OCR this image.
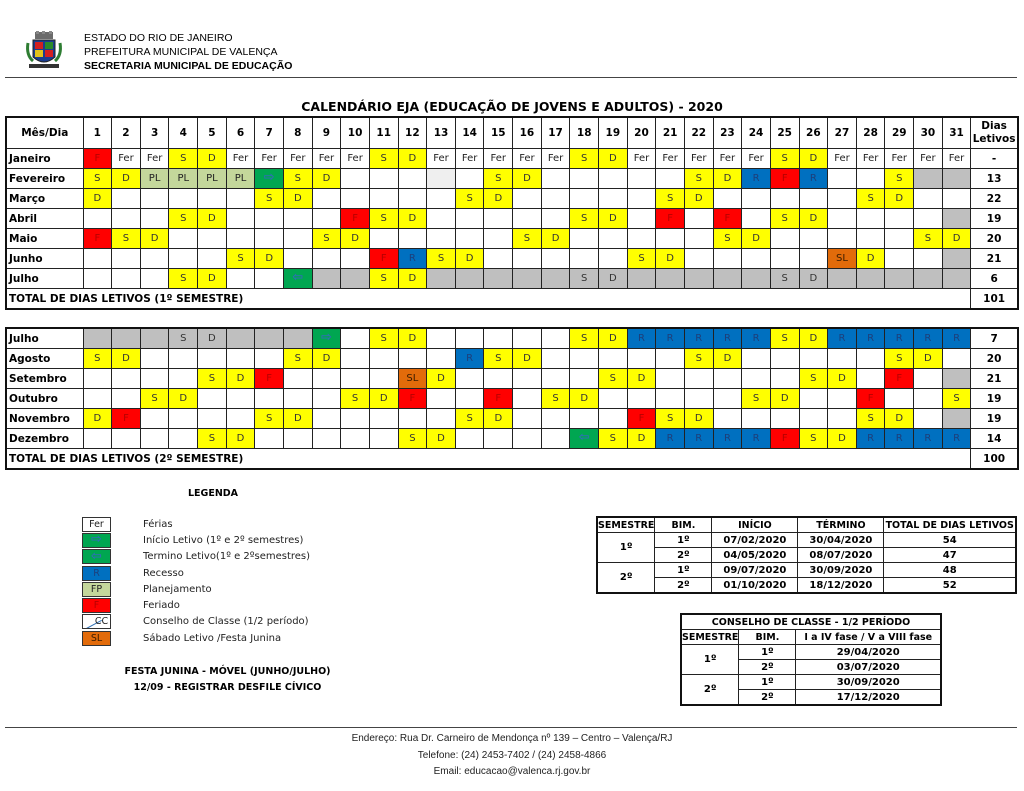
ESTADO DO RIO DE JANEIRO
PREFEITURA MUNICIPAL DE VALENÇA
SECRETARIA MUNICIPAL DE EDUCAÇÃO
CALENDÁRIO EJA (EDUCAÇÃO DE JOVENS E ADULTOS) - 2020
Mês/Dia	1	2	3	4	5	6	7	8	9	10	11	12	13	14	15	16	17	18	19	20	21	22	23	24	25	26	27	28	29	30	31	Dias
Letivos

Janeiro	F	Fer	Fer	S	D	Fer	Fer	Fer	Fer	Fer	S	D	Fer	Fer	Fer	Fer	Fer	S	D	Fer	Fer	Fer	Fer	Fer	S	D	Fer	Fer	Fer	Fer	Fer	-
Fevereiro	S	D	PL	PL	PL	PL	⇨	S	D						S	D						S	D	R	F	R			S			13
Março	D						S	D						S	D						S	D						S	D			22
Abril				S	D					F	S	D						S	D		F		F		S	D						19
Maio	F	S	D						S	D						S	D						S	D						S	D	20
Junho						S	D				F	R	S	D						S	D						SL	D				21
Julho				S	D			⇦			S	D						S	D						S	D						6
TOTAL DE DIAS LETIVOS (1º SEMESTRE)																																101
Julho				S	D				⇨		S	D						S	D	R	R	R	R	R	S	D	R	R	R	R	R	7
Agosto	S	D						S	D					R	S	D						S	D						S	D		20
Setembro					S	D	F					SL	D						S	D						S	D		F			21
Outubro			S	D						S	D	F			F		S	D						S	D			F			S	19
Novembro	D	F					S	D						S	D					F	S	D						S	D			19
Dezembro					S	D						S	D					⇦	S	D	R	R	R	R	F	S	D	R	R	R	R	14
TOTAL DE DIAS LETIVOS (2º SEMESTRE)																																100
LEGENDA
Fer	Férias
⇨	Início Letivo (1º e 2º semestres)
⇦	Termino Letivo(1º e 2ºsemestres)
R	Recesso
FP	Planejamento
F	Feriado
CC	Conselho de Classe (1/2 período)
SL	Sábado Letivo /Festa Junina
FESTA JUNINA - MÓVEL (JUNHO/JULHO)
12/09 - REGISTRAR DESFILE CÍVICO
SEMESTRE	BIM.	INÍCIO	TÉRMINO	TOTAL DE DIAS LETIVOS
1º	1º	07/02/2020	30/04/2020	54
	2º	04/05/2020	08/07/2020	47
2º	1º	09/07/2020	30/09/2020	48
	2º	01/10/2020	18/12/2020	52
CONSELHO DE CLASSE - 1/2 PERÍODO		
SEMESTRE	BIM.	I a IV fase / V a VIII fase
1º	1º	29/04/2020
	2º	03/07/2020
2º	1º	30/09/2020
	2º	17/12/2020
Endereço: Rua Dr. Carneiro de Mendonça nº 139 – Centro – Valença/RJ
Telefone: (24) 2453-7402 / (24) 2458-4866
Email: educacao@valenca.rj.gov.br
